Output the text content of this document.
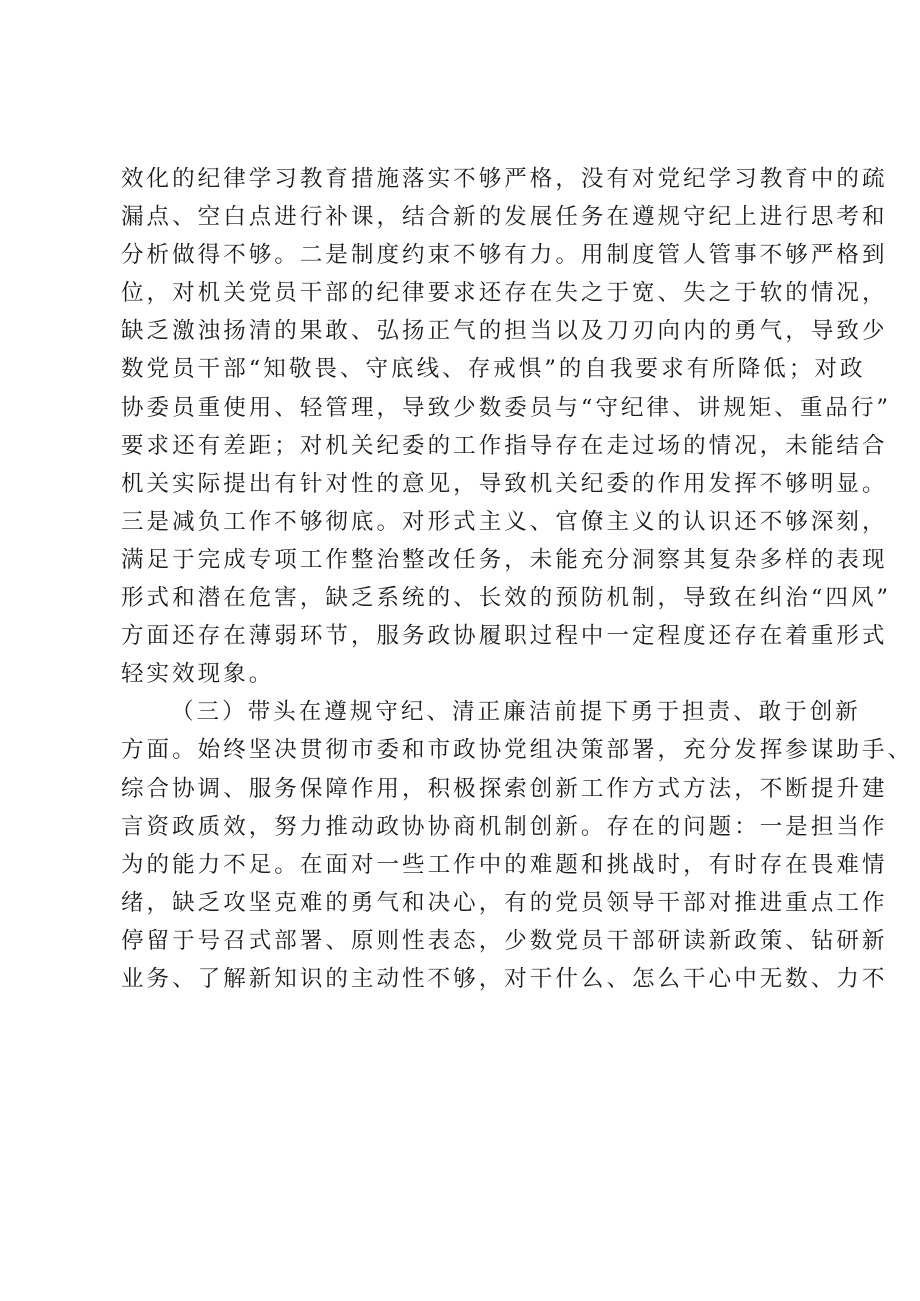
效化的纪律学习教育措施落实不够严格，没有对党纪学习教育中的疏
漏点、空白点进行补课，结合新的发展任务在遵规守纪上进行思考和
分析做得不够。二是制度约束不够有力。用制度管人管事不够严格到
位，对机关党员干部的纪律要求还存在失之于宽、失之于软的情况，
缺乏激浊扬清的果敢、弘扬正气的担当以及刀刃向内的勇气，导致少
数党员干部“知敬畏、守底线、存戒惧”的自我要求有所降低；对政
协委员重使用、轻管理，导致少数委员与“守纪律、讲规矩、重品行”
要求还有差距；对机关纪委的工作指导存在走过场的情况，未能结合
机关实际提出有针对性的意见，导致机关纪委的作用发挥不够明显。
三是减负工作不够彻底。对形式主义、官僚主义的认识还不够深刻，
满足于完成专项工作整治整改任务，未能充分洞察其复杂多样的表现
形式和潜在危害，缺乏系统的、长效的预防机制，导致在纠治“四风”
方面还存在薄弱环节，服务政协履职过程中一定程度还存在着重形式
轻实效现象。
（三）带头在遵规守纪、清正廉洁前提下勇于担责、敢于创新
方面。始终坚决贯彻市委和市政协党组决策部署，充分发挥参谋助手、
综合协调、服务保障作用，积极探索创新工作方式方法，不断提升建
言资政质效，努力推动政协协商机制创新。存在的问题：一是担当作
为的能力不足。在面对一些工作中的难题和挑战时，有时存在畏难情
绪，缺乏攻坚克难的勇气和决心，有的党员领导干部对推进重点工作
停留于号召式部署、原则性表态，少数党员干部研读新政策、钻研新
业务、了解新知识的主动性不够，对干什么、怎么干心中无数、力不
